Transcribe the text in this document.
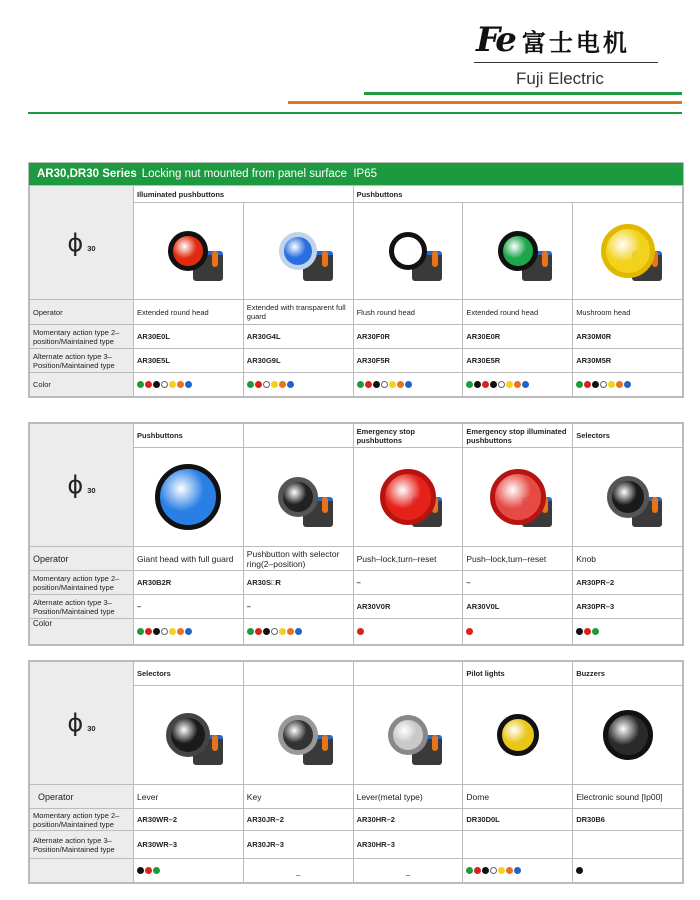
Fe 富士电机
Fuji Electric
AR30,DR30 Series Locking nut mounted from panel surface
IP65
ϕ 30	Illuminated pushbuttons		Pushbuttons		

Operator	Extended round head	Extended with transparent full guard	Flush round head	Extended round head	Mushroom head
Momentary action type 2–position/Maintained type	AR30E0L	AR30G4L	AR30F0R	AR30E0R	AR30M0R
Alternate action type 3–Position/Maintained type	AR30E5L	AR30G9L	AR30F5R	AR30E5R	AR30M5R
Color	

ϕ 30	Pushbuttons		Emergency stop pushbuttons	Emergency stop illuminated pushbuttons	Selectors

Operator	Giant head with full guard	Pushbutton with selector ring(2–position)	Push–lock,turn–reset	Push–lock,turn–reset	Knob
Momentary action type 2–position/Maintained type	AR30B2R	AR30S□R	–	–	AR30PR–2
Alternate action type 3–Position/Maintained type	–	–	AR30V0R	AR30V0L	AR30PR–3
Color	

ϕ 30	Selectors			Pilot lights	Buzzers

Operator	Lever	Key	Lever(metal type)	Dome	Electronic sound [Ip00]
Momentary action type 2–position/Maintained type	AR30WR–2	AR30JR–2	AR30HR–2	DR30D0L	DR30B6
Alternate action type 3–Position/Maintained type	AR30WR–3	AR30JR–3	AR30HR–3		

		–	–		
